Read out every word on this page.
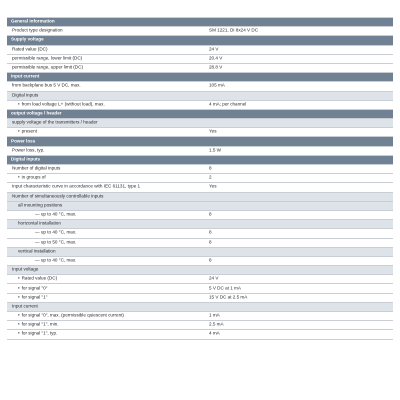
General information
Product type designation	SM 1221, DI 8x24 V DC
Supply voltage
Rated value (DC)	24 V
permissible range, lower limit (DC)	20.4 V
permissible range, upper limit (DC)	28.8 V
Input current
from backplane bus 5 V DC, max.	105 mA
Digital inputs
• from load voltage L+ (without load), max.	4 mA; per channel
output voltage / header
supply voltage of the transmitters / header
• present	Yes
Power loss
Power loss, typ.	1.5 W
Digital inputs
Number of digital inputs	8
• in groups of	2
Input characteristic curve in accordance with IEC 61131, type 1	Yes
Number of simultaneously controllable inputs
all mounting positions
— up to 40 °C, max.	8
horizontal installation
— up to 40 °C, max.	8
— up to 50 °C, max.	8
vertical installation
— up to 40 °C, max.	8
Input voltage
• Rated value (DC)	24 V
• for signal "0"	5 V DC at 1 mA
• for signal "1"	15 V DC at 2.5 mA
Input current
• for signal "0", max. (permissible quiescent current)	1 mA
• for signal "1", min.	2.5 mA
• for signal "1", typ.	4 mA
